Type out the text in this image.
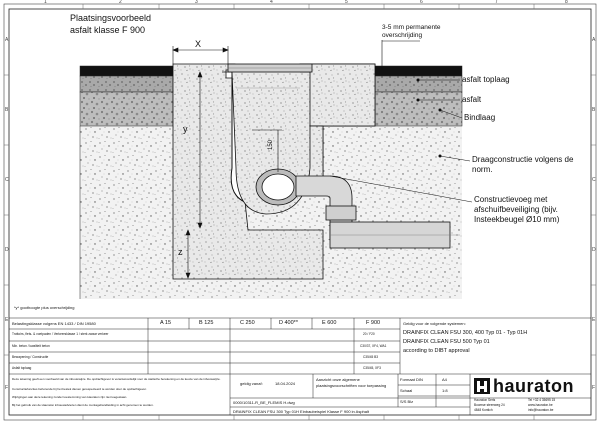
1	2	3	4	5	6	7	8
A
B
C
D
E
F
A
B
C
D
E
F
Plaatsingsvoorbeeld
asfalt klasse F 900
X
y
z
150
3-5 mm permanente
overschrijding
asfalt toplaag
asfalt
Bindlaag
Draagconstructie volgens de
norm.
Constructievoeg met
afschuifbeveiliging (bijv.
Insteekbeugel Ø10 mm)
*y* goothoogte plus overschrijding
Belastingsklasse volgens EN 1433 / DIN 19580	A 15	B 125	C 250	D 400**	E 600	F 900
Trottoirs, fiets- & voetpaden / Verkeersklasse 1 / sterk zwaar verkeer	20 / F20
Min. beton / kwaliteit beton	C30/37, XF4, WA1
Bewapening / Constructie	C35/45 B3
Asfalt toplaag	C35/45, XF3
Geldig voor de volgende systemen:
DRAINFIX CLEAN FSU 300, 400 Typ 01 - Typ 01H
DRAINFIX CLEAN FSU 500 Typ 01
according to DIBT approval
Deze tekening geeft een voorbeeld van de inbouwwijze. De opdrachtgever is verantwoordelijk voor de statische berekening en de keuze van de inbouwwijze.
Constructiefuncties behorende bij het bestek dienen gerespecteerd te worden door de opdrachtgever.
Wijzigingen aan deze tekening zonder toestemming van Hauraton zijn niet toegestaan.
Bij het gebruik van de Hauraton inbouwadviezen dient de montagehandleiding in acht genomen te worden.
geldig vanaf:	18.04.2024
Aanzicht onze algemene
plaatsingsvoorschriften voor toepassing
Formaat DIN	A4
Schaal	1:8
S/S Blz
0000/10311-R_BE_FLEMIS H.dwg
DRAINFIX CLEAN FSU 300 Typ 01H Einbaubeispiel Klasse F 900 in Asphalt
hauraton
Hauraton Seris
Boomse steenweg 24
4848 Kontich
Tel +32 4 35695 15
www.hauraton.be
info@hauraton.be
